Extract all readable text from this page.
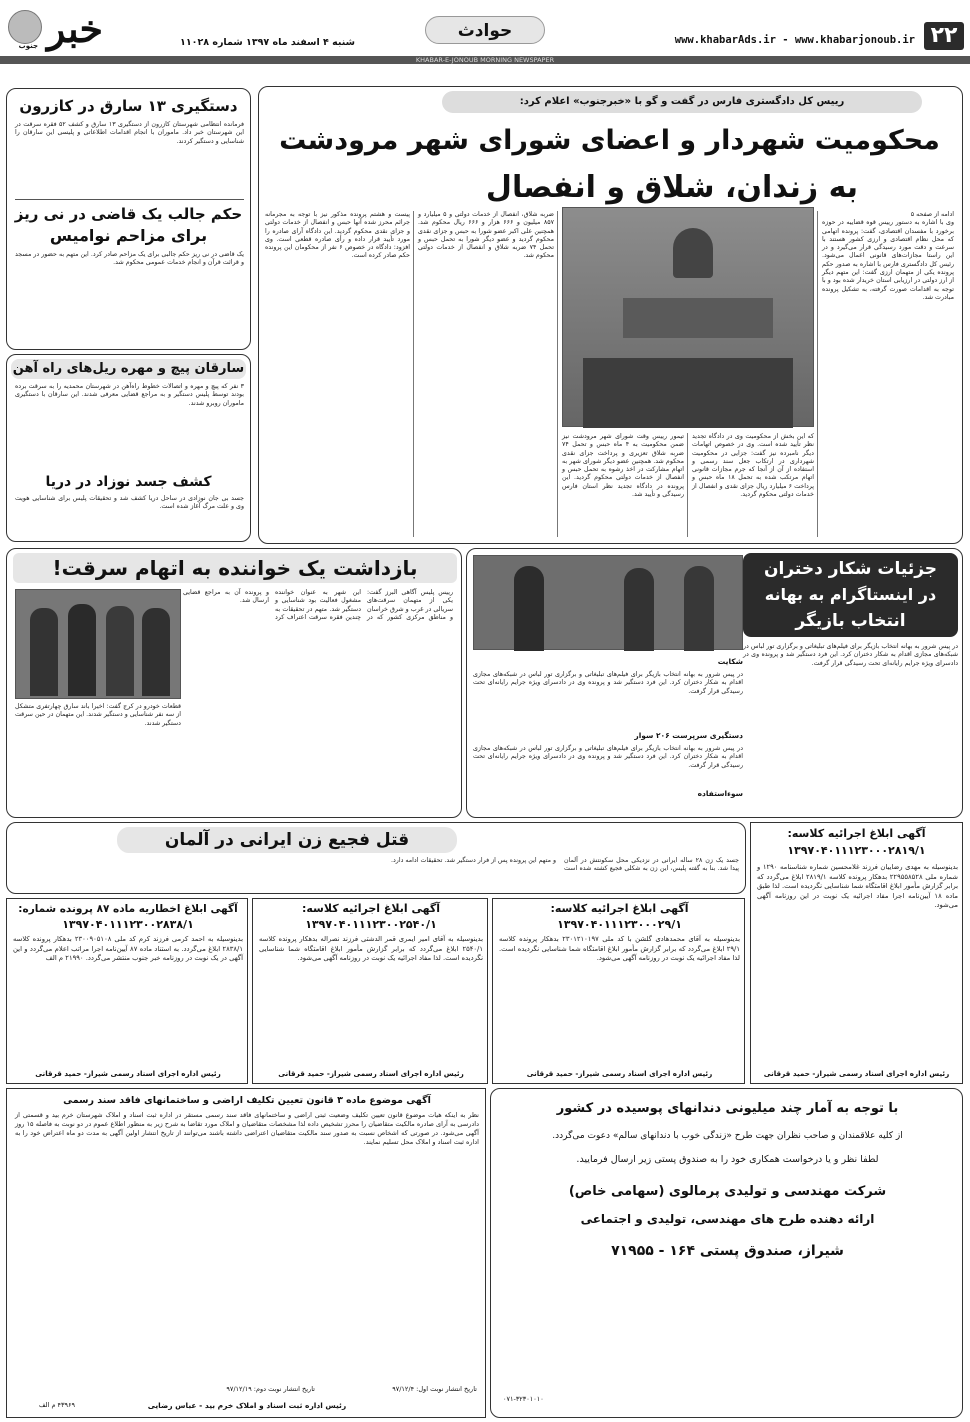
۲۲
www.khabarAds.ir - www.khabarjonoub.ir
حوادث
شنبه ۴ اسفند ماه ۱۳۹۷ شماره ۱۱۰۲۸
خبر
جنوب
KHABAR-E-JONOUB MORNING NEWSPAPER
رییس کل دادگستری فارس در گفت و گو با «خبرجنوب» اعلام کرد:
محکومیت شهردار و اعضای شورای شهر مرودشت
به زندان، شلاق و انفصال
ادامه از صفحه ۵
وی با اشاره به دستور رییس قوه قضاییه در حوزه برخورد با مفسدان اقتصادی، گفت: پرونده اتهامی که محل نظام اقتصادی و ارزی کشور هستند با سرعت و دقت مورد رسیدگی قرار می‌گیرد و در این راستا مجازات‌های قانونی اعمال می‌شود. رئیس کل دادگستری فارس با اشاره به صدور حکم پرونده یکی از متهمان ارزی گفت: این متهم دیگر از ارز دولتی در ارزیابی استان خریدار شده بود و با توجه به اقدامات صورت گرفته، به تشکیل پرونده مبادرت شد.
که این بخش از محکومیت وی در دادگاه تجدید نظر تأیید شده است. وی در خصوص اتهامات دیگر نامبرده نیز گفت: جزایی در محکومیت شهرداری در ارتکاب جعل سند رسمی و استفاده از آن از آنجا که جرم مجازات قانونی اتهام مرتکب شده به تحمل ۱۸ ماه حبس و پرداخت ۶ میلیارد ریال جزای نقدی و انفصال از خدمات دولتی محکوم گردید.
تیمور رییس وقت شورای شهر مرودشت نیز ضمن محکومیت به ۴ ماه حبس و تحمل ۷۴ ضربه شلاق تعزیری و پرداخت جزای نقدی محکوم شد. همچنین عضو دیگر شورای شهر به اتهام مشارکت در اخذ رشوه به تحمل حبس و انفصال از خدمات دولتی محکوم گردید. این پرونده در دادگاه تجدید نظر استان فارس رسیدگی و تأیید شد.
ضربه شلاق، انفصال از خدمات دولتی و ۵ میلیارد و ۸۵۷ میلیون و ۶۶۶ هزار و ۶۶۶ ریال محکوم شد. همچنین علی اکبر عضو شورا به حبس و جزای نقدی محکوم گردید و عضو دیگر شورا به تحمل حبس و تحمل ۷۴ ضربه شلاق و انفصال از خدمات دولتی محکوم شد.
پیست و هشتم پرونده مذکور نیز با توجه به مجرمانه جرائم محرز شده آنها حبس و انفصال از خدمات دولتی و جزای نقدی محکوم گردید. این دادگاه آرای صادره را مورد تأیید قرار داده و رأی صادره قطعی است. وی افزود: دادگاه در خصوص ۶ نفر از محکومان این پرونده حکم صادر کرده است.
دستگیری ۱۳ سارق در کازرون
فرمانده انتظامی شهرستان کازرون از دستگیری ۱۳ سارق و کشف ۵۲ فقره سرقت در این شهرستان خبر داد. ماموران با انجام اقدامات اطلاعاتی و پلیسی این سارقان را شناسایی و دستگیر کردند.
حکم جالب یک قاضی در نی ریز
برای مزاحم نوامیس
یک قاضی در نی ریز حکم جالبی برای یک مزاحم صادر کرد. این متهم به حضور در مسجد و قرائت قرآن و انجام خدمات عمومی محکوم شد.
سارقان پیچ و مهره ریل‌های راه آهن
۳ نفر که پیچ و مهره و اتصالات خطوط راه‌آهن در شهرستان محمدیه را به سرقت برده بودند توسط پلیس دستگیر و به مراجع قضایی معرفی شدند. این سارقان با دستگیری ماموران روبرو شدند.
کشف جسد نوزاد در دریا
جسد بی جان نوزادی در ساحل دریا کشف شد و تحقیقات پلیس برای شناسایی هویت وی و علت مرگ آغاز شده است.
بازداشت یک خواننده به اتهام سرقت!
رییس پلیس آگاهی البرز گفت: یکی از متهمان سرقت‌های سریالی در غرب و شرق خراسان و مناطق مرکزی کشور که در این شهر به عنوان خواننده مشغول فعالیت بود شناسایی و دستگیر شد. متهم در تحقیقات به چندین فقره سرقت اعتراف کرد و پرونده آن به مراجع قضایی ارسال شد.
قطعات خودرو در کرج گفت: اخیرا باند سارق چهارتفری متشکل از سه نفر شناسایی و دستگیر شدند. این متهمان در حین سرقت دستگیر شدند.
جزئیات شکار دختران
در اینستاگرام به بهانه
انتخاب بازیگر
در پیس شرور به بهانه انتخاب بازیگر برای فیلم‌های تبلیغاتی و برگزاری تور لباس در شبکه‌های مجازی اقدام به شکار دختران کرد. این فرد دستگیر شد و پرونده وی در دادسرای ویژه جرایم رایانه‌ای تحت رسیدگی قرار گرفت.
شکایت
در پیس شرور به بهانه انتخاب بازیگر برای فیلم‌های تبلیغاتی و برگزاری تور لباس در شبکه‌های مجازی اقدام به شکار دختران کرد. این فرد دستگیر شد و پرونده وی در دادسرای ویژه جرایم رایانه‌ای تحت رسیدگی قرار گرفت.
دستگیری سرپرست ۲۰۶ سوار
در پیس شرور به بهانه انتخاب بازیگر برای فیلم‌های تبلیغاتی و برگزاری تور لباس در شبکه‌های مجازی اقدام به شکار دختران کرد. این فرد دستگیر شد و پرونده وی در دادسرای ویژه جرایم رایانه‌ای تحت رسیدگی قرار گرفت.
سوءاستفاده
قتل فجیع زن ایرانی در آلمان
جسد یک زن ۲۸ ساله ایرانی در نزدیکی محل سکونتش در آلمان پیدا شد. بنا به گفته پلیس، این زن به شکلی فجیع کشته شده است و متهم این پرونده پس از فرار دستگیر شد. تحقیقات ادامه دارد.
آگهی ابلاغ اجرائیه کلاسه:
۱۳۹۷۰۴۰۱۱۱۲۳۰۰۰۲۸۱۹/۱
بدینوسیله به مهدی رضاییان فرزند غلامحسین شماره شناسنامه ۱۲۹۰ و شماره ملی ۲۲۹۵۵۸۵۲۸ بدهکار پرونده کلاسه ۲۸۱۹/۱ ابلاغ می‌گردد که برابر گزارش مأمور ابلاغ اقامتگاه شما شناسایی نگردیده است. لذا طبق ماده ۱۸ آیین‌نامه اجرا مفاد اجرائیه یک نوبت در این روزنامه آگهی می‌شود.
رئیس اداره اجرای اسناد رسمی شیراز- حمید قرقانی
آگهی ابلاغ اجرائیه کلاسه:
۱۳۹۷۰۴۰۱۱۱۲۳۰۰۰۲۹/۱
بدینوسیله به آقای محمدهادی گلشن با کد ملی ۲۳۰۱۲۱۰۱۹۷ بدهکار پرونده کلاسه ۲۹/۱ ابلاغ می‌گردد که برابر گزارش مأمور ابلاغ اقامتگاه شما شناسایی نگردیده است. لذا مفاد اجرائیه یک نوبت در روزنامه آگهی می‌شود.
رئیس اداره اجرای اسناد رسمی شیراز- حمید قرقانی
آگهی ابلاغ اجرائیه کلاسه:
۱۳۹۷۰۴۰۱۱۱۲۳۰۰۲۵۴۰/۱
بدینوسیله به آقای امیر ایمری قمر الدشتی فرزند نصراله بدهکار پرونده کلاسه ۲۵۴۰/۱ ابلاغ می‌گردد که برابر گزارش مأمور ابلاغ اقامتگاه شما شناسایی نگردیده است. لذا مفاد اجرائیه یک نوبت در روزنامه آگهی می‌شود.
رئیس اداره اجرای اسناد رسمی شیراز- حمید قرقانی
آگهی ابلاغ اخطاریه ماده ۸۷ پرونده شماره:
۱۳۹۷۰۴۰۱۱۱۲۳۰۰۲۸۳۸/۱
بدینوسیله به احمد کرمی فرزند کرم کد ملی ۲۳۰۰۹۰۵۱۰۸ بدهکار پرونده کلاسه ۲۸۳۸/۱ ابلاغ می‌گردد. به استناد ماده ۸۷ آیین‌نامه اجرا مراتب اعلام می‌گردد و این آگهی در یک نوبت در روزنامه خبر جنوب منتشر می‌گردد. ۲۱۹۹۰ م الف
رئیس اداره اجرای اسناد رسمی شیراز- حمید قرقانی
آگهی موضوع ماده ۳ قانون تعیین تکلیف اراضی و ساختمانهای فاقد سند رسمی
نظر به اینکه هیات موضوع قانون تعیین تکلیف وضعیت ثبتی اراضی و ساختمانهای فاقد سند رسمی مستقر در اداره ثبت اسناد و املاک شهرستان خرم بید و قسمتی از دادرسی به آرای صادره مالکیت متقاضیان را محرز تشخیص داده لذا مشخصات متقاضیان و املاک مورد تقاضا به شرح زیر به منظور اطلاع عموم در دو نوبت به فاصله ۱۵ روز آگهی می‌شود. در صورتی که اشخاص نسبت به صدور سند مالکیت متقاضیان اعتراضی داشته باشند می‌توانند از تاریخ انتشار اولین آگهی به مدت دو ماه اعتراض خود را به اداره ثبت اسناد و املاک محل تسلیم نمایند.
تاریخ انتشار نوبت اول: ۹۷/۱۲/۴
تاریخ انتشار نوبت دوم: ۹۷/۱۲/۱۹
رئیس اداره ثبت اسناد و املاک خرم بید - عباس رضایی
۴۳۹۶۹ م الف
با توجه به آمار چند میلیونی دندانهای پوسیده در کشور
از کلیه علاقمندان و صاحب نظران جهت طرح «زندگی خوب با دندانهای سالم» دعوت می‌گردد.
لطفا نظر و یا درخواست همکاری خود را به صندوق پستی زیر ارسال فرمایید.
شرکت مهندسی و تولیدی پرمالوی (سهامی خاص)
ارائه دهنده طرح های مهندسی، تولیدی و اجتماعی
شیراز، صندوق پستی ۱۶۴ - ۷۱۹۵۵
۰۷۱-۳۲۳۰۱۰۱۰
